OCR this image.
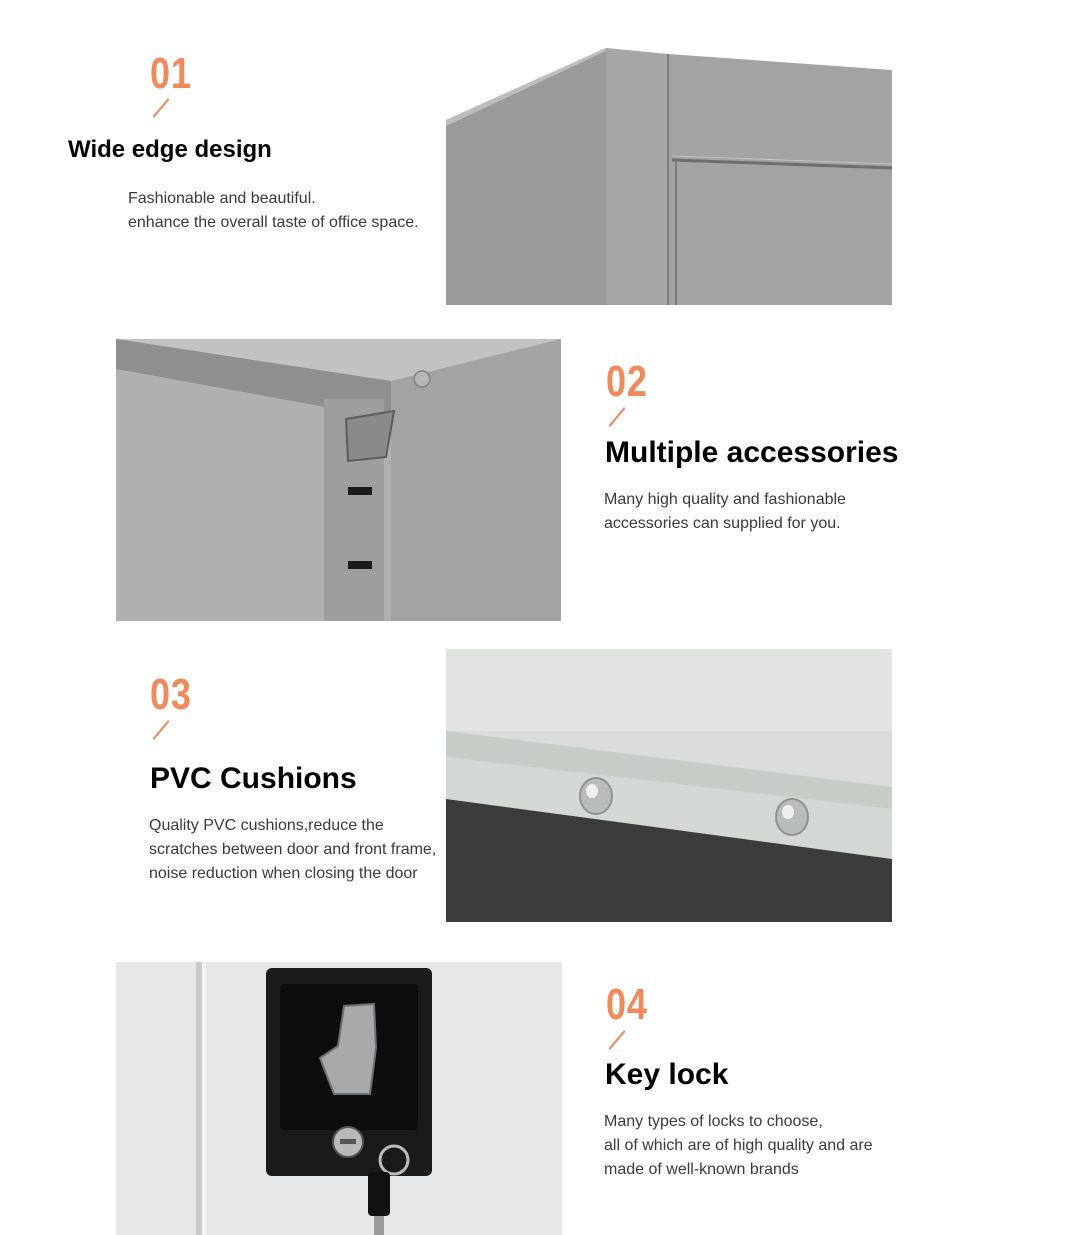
01
Wide edge design
Fashionable and beautiful.
enhance the overall taste of office space.
02
Multiple accessories
Many high quality and fashionable
accessories can supplied for you.
03
PVC Cushions
Quality PVC cushions,reduce the
scratches between door and front frame,
noise reduction when closing the door
04
Key lock
Many types of locks to choose,
all of which are of high quality and are
made of well-known brands
